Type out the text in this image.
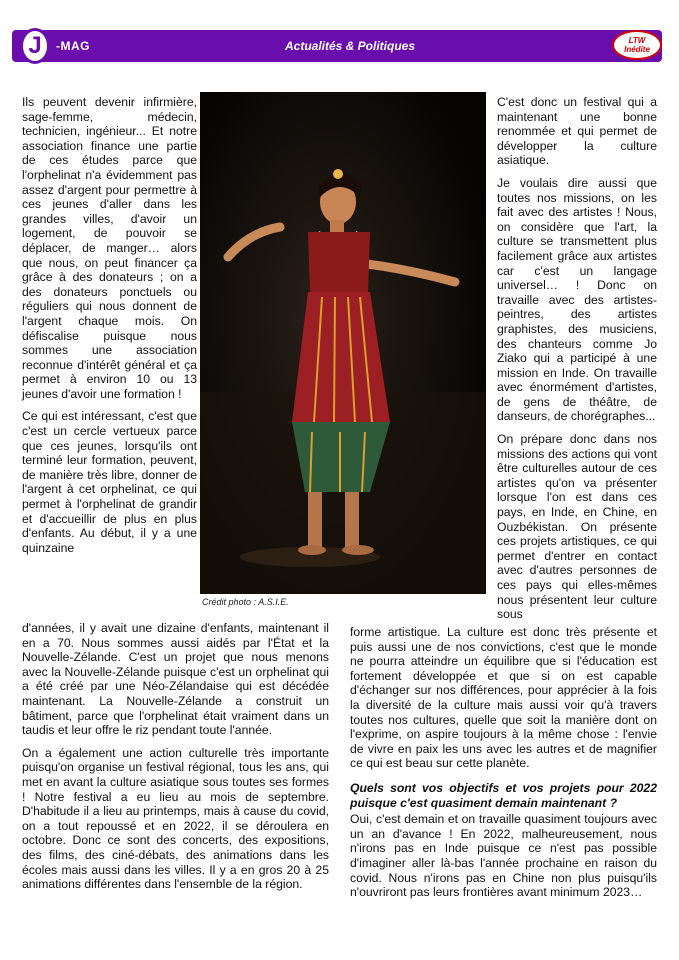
J	-MAG	Actualités & Politiques	LTW
Inédite

Ils peuvent devenir infirmière, sage-femme, médecin, technicien, ingénieur... Et notre association finance une partie de ces études parce que l'orphelinat n'a évidemment pas assez d'argent pour permettre à ces jeunes d'aller dans les grandes villes, d'avoir un logement, de pouvoir se déplacer, de manger… alors que nous, on peut financer ça grâce à des donateurs ; on a des donateurs ponctuels ou réguliers qui nous donnent de l'argent chaque mois. On défiscalise puisque nous sommes une association reconnue d'intérêt général et ça permet à environ 10 ou 13 jeunes d'avoir une formation !

Ce qui est intéressant, c'est que c'est un cercle vertueux parce que ces jeunes, lorsqu'ils ont terminé leur formation, peuvent, de manière très libre, donner de l'argent à cet orphelinat, ce qui permet à l'orphelinat de grandir et d'accueillir de plus en plus d'enfants. Au début, il y a une quinzaine

Crédit photo : A.S.I.E.

C'est donc un festival qui a maintenant une bonne renommée et qui permet de développer la culture asiatique.

Je voulais dire aussi que toutes nos missions, on les fait avec des artistes ! Nous, on considère que l'art, la culture se transmettent plus facilement grâce aux artistes car c'est un langage universel… ! Donc on travaille avec des artistes-peintres, des artistes graphistes, des musiciens, des chanteurs comme Jo Ziako qui a participé à une mission en Inde. On travaille avec énormément d'artistes, de gens de théâtre, de danseurs, de chorégraphes...

On prépare donc dans nos missions des actions qui vont être culturelles autour de ces artistes qu'on va présenter lorsque l'on est dans ces pays, en Inde, en Chine, en Ouzbékistan. On présente ces projets artistiques, ce qui permet d'entrer en contact avec d'autres personnes de ces pays qui elles-mêmes nous présentent leur culture sous

d'années, il y avait une dizaine d'enfants, maintenant il en a 70. Nous sommes aussi aidés par l'État et la Nouvelle-Zélande. C'est un projet que nous menons avec la Nouvelle-Zélande puisque c'est un orphelinat qui a été créé par une Néo-Zélandaise qui est décédée maintenant. La Nouvelle-Zélande a construit un bâtiment, parce que l'orphelinat était vraiment dans un taudis et leur offre le riz pendant toute l'année.

On a également une action culturelle très importante puisqu'on organise un festival régional, tous les ans, qui met en avant la culture asiatique sous toutes ses formes ! Notre festival a eu lieu au mois de septembre. D'habitude il a lieu au printemps, mais à cause du covid, on a tout repoussé et en 2022, il se déroulera en octobre. Donc ce sont des concerts, des expositions, des films, des ciné-débats, des animations dans les écoles mais aussi dans les villes. Il y a en gros 20 à 25 animations différentes dans l'ensemble de la région.

forme artistique. La culture est donc très présente et puis aussi une de nos convictions, c'est que le monde ne pourra atteindre un équilibre que si l'éducation est fortement développée et que si on est capable d'échanger sur nos différences, pour apprécier à la fois la diversité de la culture mais aussi voir qu'à travers toutes nos cultures, quelle que soit la manière dont on l'exprime, on aspire toujours à la même chose : l'envie de vivre en paix les uns avec les autres et de magnifier ce qui est beau sur cette planète.

Quels sont vos objectifs et vos projets pour 2022 puisque c'est quasiment demain maintenant ?

Oui, c'est demain et on travaille quasiment toujours avec un an d'avance ! En 2022, malheureusement, nous n'irons pas en Inde puisque ce n'est pas possible d'imaginer aller là-bas l'année prochaine en raison du covid. Nous n'irons pas en Chine non plus puisqu'ils n'ouvriront pas leurs frontières avant minimum 2023…
